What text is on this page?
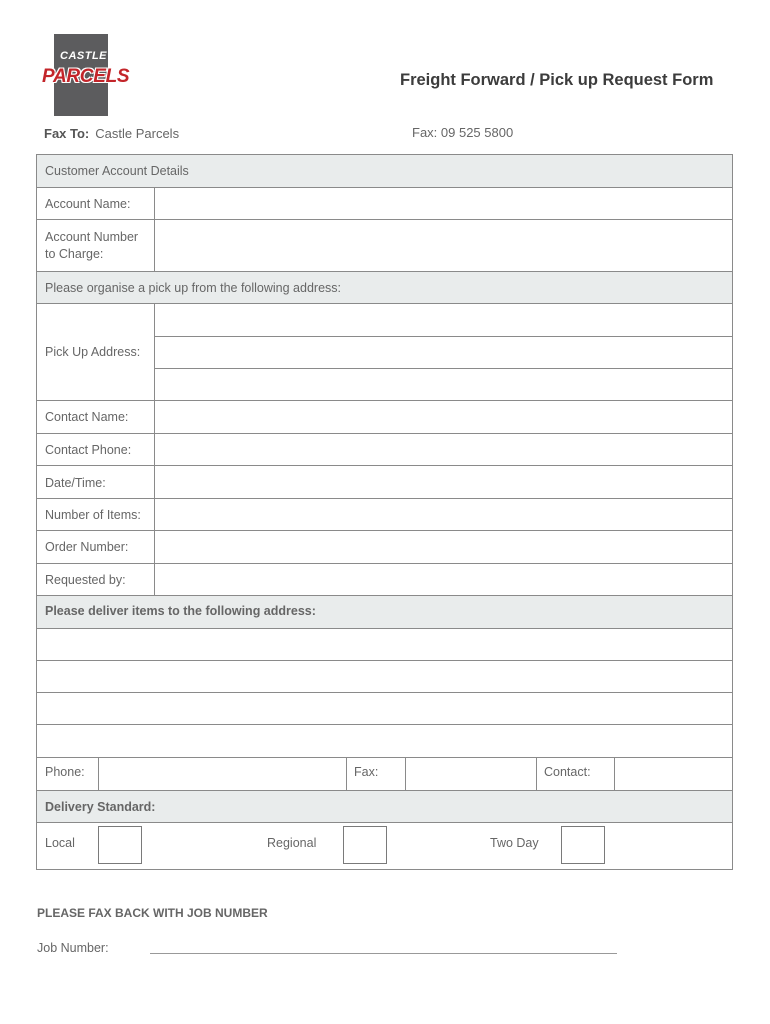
CASTLE
PARCELS	Freight Forward / Pick up Request Form
Fax To: Castle Parcels	Fax: 09 525 5800
Customer Account Details
Account Name:
Account Number
to Charge:
Please organise a pick up from the following address:
Pick Up Address:
Contact Name:
Contact Phone:
Date/Time:
Number of Items:
Order Number:
Requested by:
Please deliver items to the following address:
Phone:	Fax:	Contact:
Delivery Standard:
Local	Regional	Two Day
PLEASE FAX BACK WITH JOB NUMBER
Job Number:
